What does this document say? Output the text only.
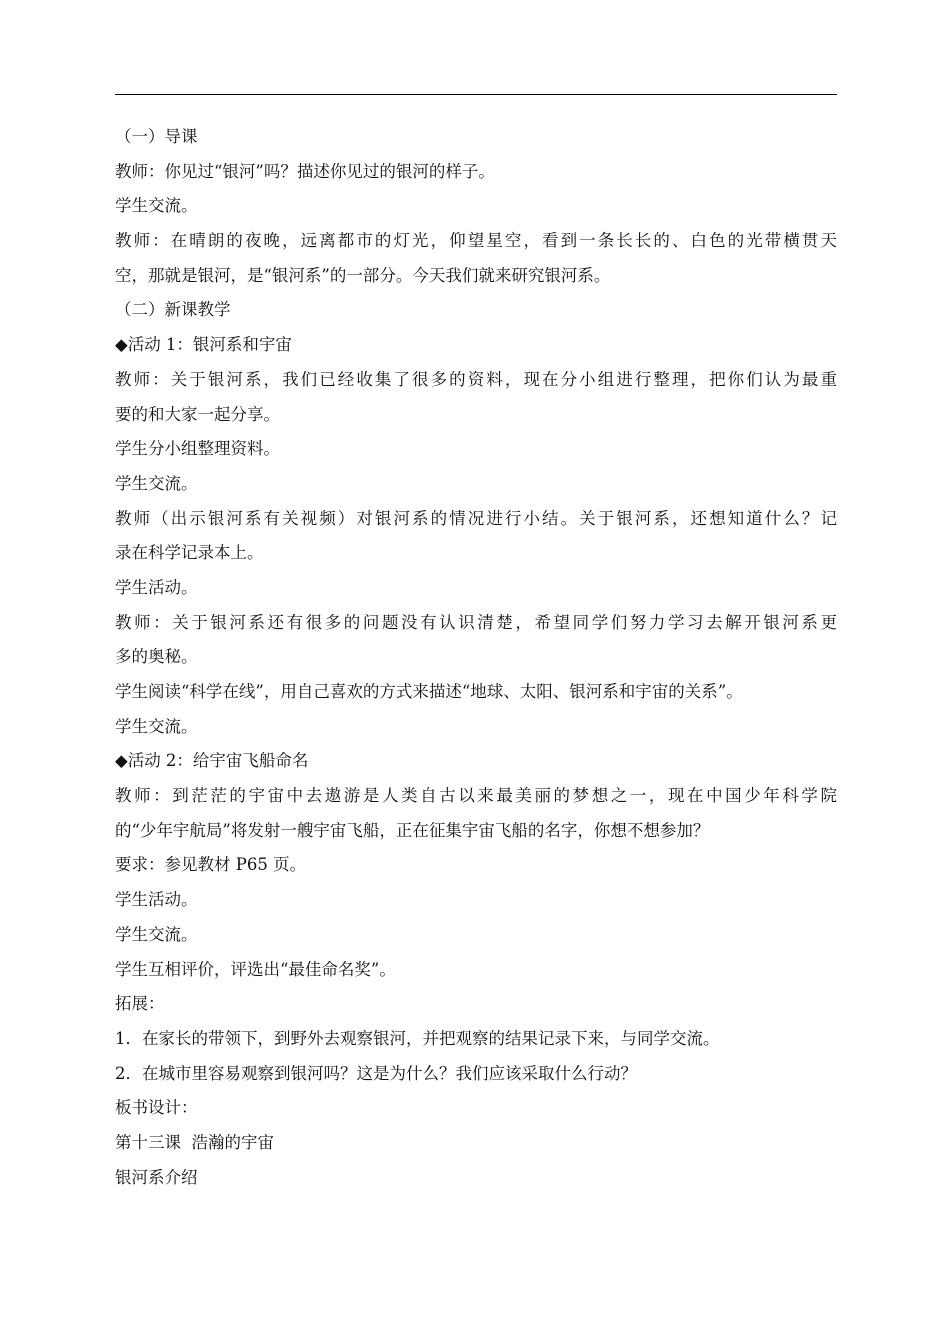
（一）导课
教师：你见过“银河”吗？描述你见过的银河的样子。
学生交流。
教师：在晴朗的夜晚，远离都市的灯光，仰望星空，看到一条长长的、白色的光带横贯天
空，那就是银河，是“银河系”的一部分。今天我们就来研究银河系。
（二）新课教学
◆活动 1：银河系和宇宙
教师：关于银河系，我们已经收集了很多的资料，现在分小组进行整理，把你们认为最重
要的和大家一起分享。
学生分小组整理资料。
学生交流。
教师（出示银河系有关视频）对银河系的情况进行小结。关于银河系，还想知道什么？记
录在科学记录本上。
学生活动。
教师：关于银河系还有很多的问题没有认识清楚，希望同学们努力学习去解开银河系更
多的奥秘。
学生阅读“科学在线”，用自己喜欢的方式来描述“地球、太阳、银河系和宇宙的关系”。
学生交流。
◆活动 2：给宇宙飞船命名
教师：到茫茫的宇宙中去遨游是人类自古以来最美丽的梦想之一，现在中国少年科学院
的“少年宇航局”将发射一艘宇宙飞船，正在征集宇宙飞船的名字，你想不想参加？
要求：参见教材 P65 页。
学生活动。
学生交流。
学生互相评价，评选出“最佳命名奖”。
拓展：
1．在家长的带领下，到野外去观察银河，并把观察的结果记录下来，与同学交流。
2．在城市里容易观察到银河吗？这是为什么？我们应该采取什么行动？
板书设计：
第十三课  浩瀚的宇宙
银河系介绍
